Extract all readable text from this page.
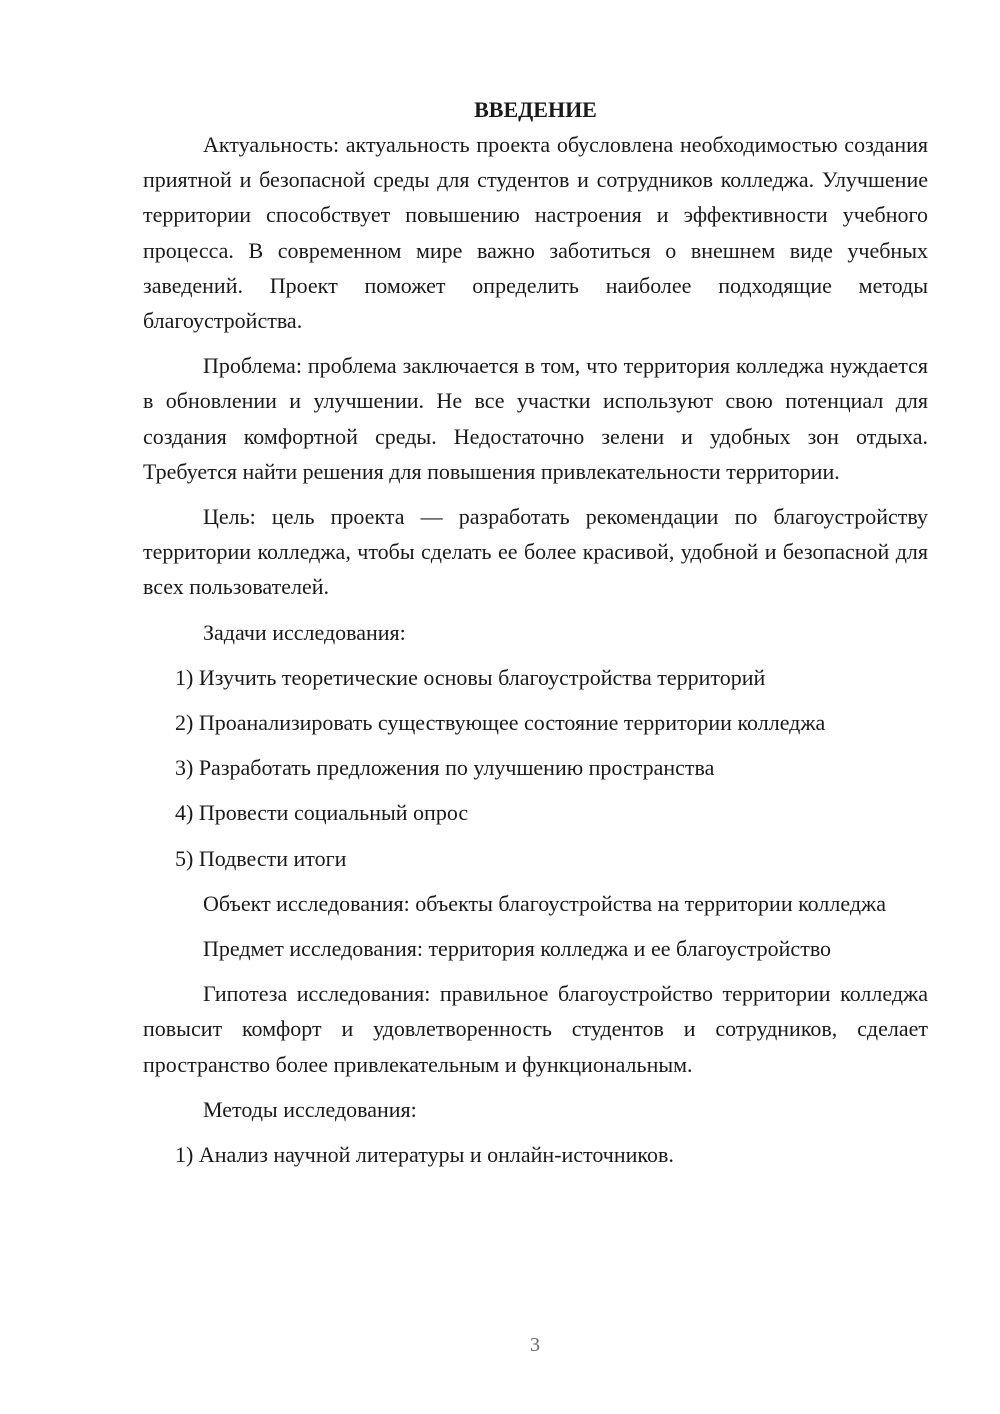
ВВЕДЕНИЕ

Актуальность: актуальность проекта обусловлена необходимостью создания приятной и безопасной среды для студентов и сотрудников колледжа. Улучшение территории способствует повышению настроения и эффективности учебного процесса. В современном мире важно заботиться о внешнем виде учебных заведений. Проект поможет определить наиболее подходящие методы благоустройства.

Проблема: проблема заключается в том, что территория колледжа нуждается в обновлении и улучшении. Не все участки используют свою потенциал для создания комфортной среды. Недостаточно зелени и удобных зон отдыха. Требуется найти решения для повышения привлекательности территории.

Цель: цель проекта — разработать рекомендации по благоустройству территории колледжа, чтобы сделать ее более красивой, удобной и безопасной для всех пользователей.

Задачи исследования:

1) Изучить теоретические основы благоустройства территорий

2) Проанализировать существующее состояние территории колледжа

3) Разработать предложения по улучшению пространства

4) Провести социальный опрос

5) Подвести итоги

Объект исследования: объекты благоустройства на территории колледжа

Предмет исследования: территория колледжа и ее благоустройство

Гипотеза исследования: правильное благоустройство территории колледжа повысит комфорт и удовлетворенность студентов и сотрудников, сделает пространство более привлекательным и функциональным.

Методы исследования:

1) Анализ научной литературы и онлайн-источников.

3
